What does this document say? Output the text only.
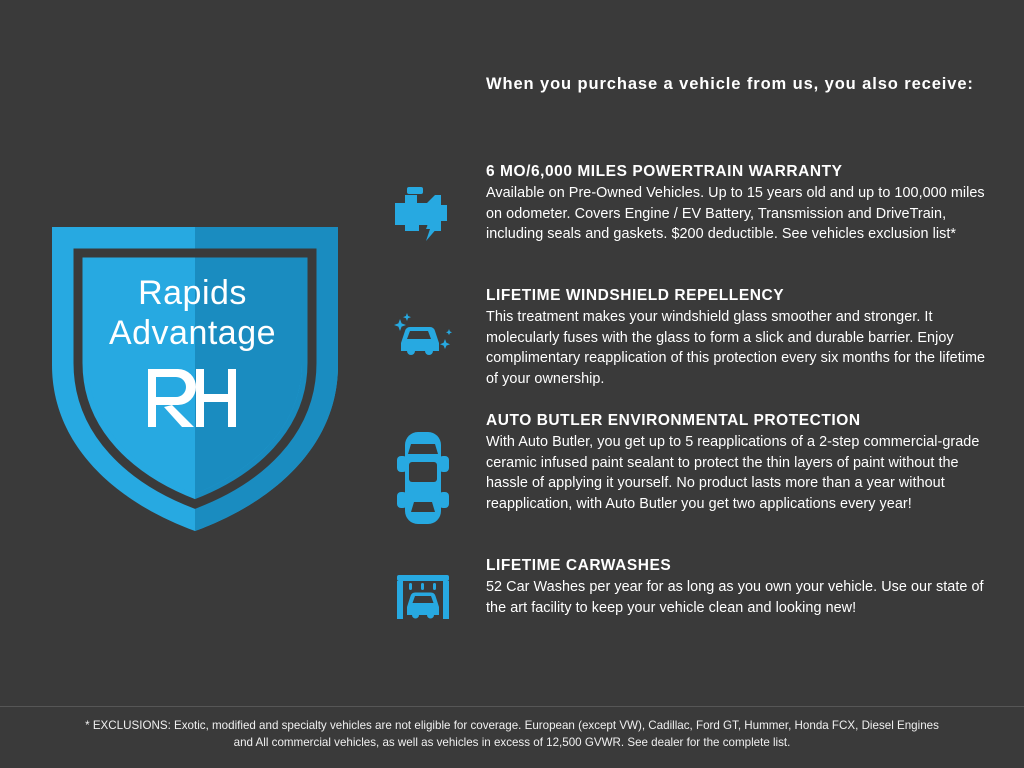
Rapids
Advantage
When you purchase a vehicle from us, you also receive:
6 MO/6,000 MILES POWERTRAIN WARRANTY

Available on Pre-Owned Vehicles. Up to 15 years old and up to 100,000 miles on odometer. Covers Engine / EV Battery, Transmission and DriveTrain, including seals and gaskets. $200 deductible. See vehicles exclusion list*

LIFETIME WINDSHIELD REPELLENCY

This treatment makes your windshield glass smoother and stronger. It molecularly fuses with the glass to form a slick and durable barrier. Enjoy complimentary reapplication of this protection every six months for the lifetime of your ownership.

AUTO BUTLER ENVIRONMENTAL PROTECTION

With Auto Butler, you get up to 5 reapplications of a 2-step commercial-grade ceramic infused paint sealant to protect the thin layers of paint without the hassle of applying it yourself. No product lasts more than a year without reapplication, with Auto Butler you get two applications every year!

LIFETIME CARWASHES

52 Car Washes per year for as long as you own your vehicle. Use our state of the art facility to keep your vehicle clean and looking new!

* EXCLUSIONS: Exotic, modified and specialty vehicles are not eligible for coverage. European (except VW), Cadillac, Ford GT, Hummer, Honda FCX, Diesel Engines
and All commercial vehicles, as well as vehicles in excess of 12,500 GVWR. See dealer for the complete list.
